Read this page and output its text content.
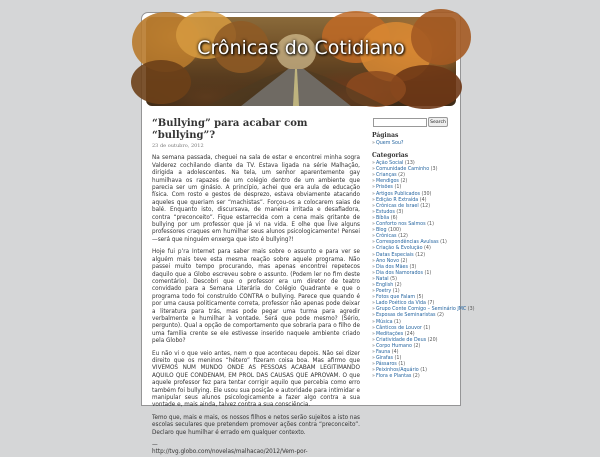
Crônicas do Cotidiano
“Bullying” para acabar com “bullying”?
23 de outubro, 2012

Na semana passada, cheguei na sala de estar e encontrei minha sogra Valderez cochilando diante da TV. Estava ligada na série Malhação, dirigida a adolescentes. Na tela, um senhor aparentemente gay humilhava os rapazes de um colégio dentro de um ambiente que parecia ser um ginásio. A princípio, achei que era aula de educação física. Com rosto e gestos de desprezo, estava obviamente atacando aqueles que queriam ser “machistas”. Forçou-os a colocarem saias de balé. Enquanto isto, discursava, de maneira irritada e desafiadora, contra “preconceito”. Fique estarrecida com a cena mais gritante de bullying por um professor que já vi na vida. E olhe que live alguns professores craques em humilhar seus alunos psicologicamente! Pensei—será que ninguém enxerga que isto é bullying?!

Hoje fui p’ra Internet para saber mais sobre o assunto e para ver se alguém mais teve esta mesma reação sobre aquele programa. Não passei muito tempo procurando, mas apenas encontrei repetecos daquilo que a Globo escreveu sobre o assunto. (Podem ler no fim deste comentário). Descobri que o professor era um diretor de teatro convidado para a Semana Literária do Colégio Quadrante e que o programa todo foi construído CONTRA o bullying. Parece que quando é por uma causa politicamente correta, professor não apenas pode deixar a literatura para trás, mas pode pegar uma turma para agredir verbalmente e humilhar à vontade. Será que pode mesmo? (Sério, pergunto). Qual a opção de comportamento que sobraria para o filho de uma família crente se ele estivesse inserido naquele ambiente criado pela Globo?

Eu não vi o que veio antes, nem o que aconteceu depois. Não sei dizer direito que os meninos “hétero” fizeram coisa boa. Mas afirmo que VIVEMOS NUM MUNDO ONDE AS PESSOAS ACABAM LEGITIMANDO AQUILO QUE CONDENAM, EM PROL DAS CAUSAS QUE APROVAM. O que aquele professor fez para tentar corrigir aquilo que percebia como erro também foi bullying. Ele usou sua posição e autoridade para intimidar e manipular seus alunos psicologicamente a fazer algo contra a sua vontade e, mais ainda, talvez contra a sua consciência.

Temo que, mais e mais, os nossos filhos e netos serão sujeitos a isto nas escolas seculares que pretendem promover ações contra “preconceito”. Declaro que humilhar é errado em qualquer contexto.

—

http://tvg.globo.com/novelas/malhacao/2012/Vem-por-

Search
Páginas
»Quem Sou?
Categorias
»Ação Social (13)
»Comunidade Caminho (3)
»Crianças (2)
»Mendigos (2)
»Prisões (1)
»Artigos Publicados (30)
»Edição R Extraída (4)
»Crônicas de Israel (12)
»Estudos (3)
»Bíblia (6)
»Conforto nos Salmos (1)
»Blog (100)
»Crônicas (12)
»Correspondências Avulsas (1)
»Criação & Evolução (4)
»Datas Especiais (12)
»Ano Novo (2)
»Dia dos Mães (3)
»Dia dos Namorados (1)
»Natal (5)
»English (2)
»Poetry (1)
»Fotos que Falam (5)
»Lado Poético da Vida (7)
»Grupo Conte Comigo – Seminário JMC (3)
»Esposas de Seminaristas (2)
»Música (1)
»Cânticos de Louvor (1)
»Meditações (24)
»Criatividade de Deus (20)
»Corpo Humano (2)
»Fauna (4)
»Girafas (1)
»Pássaros (1)
»Peixinhos/Aquário (1)
»Flora e Plantas (2)
